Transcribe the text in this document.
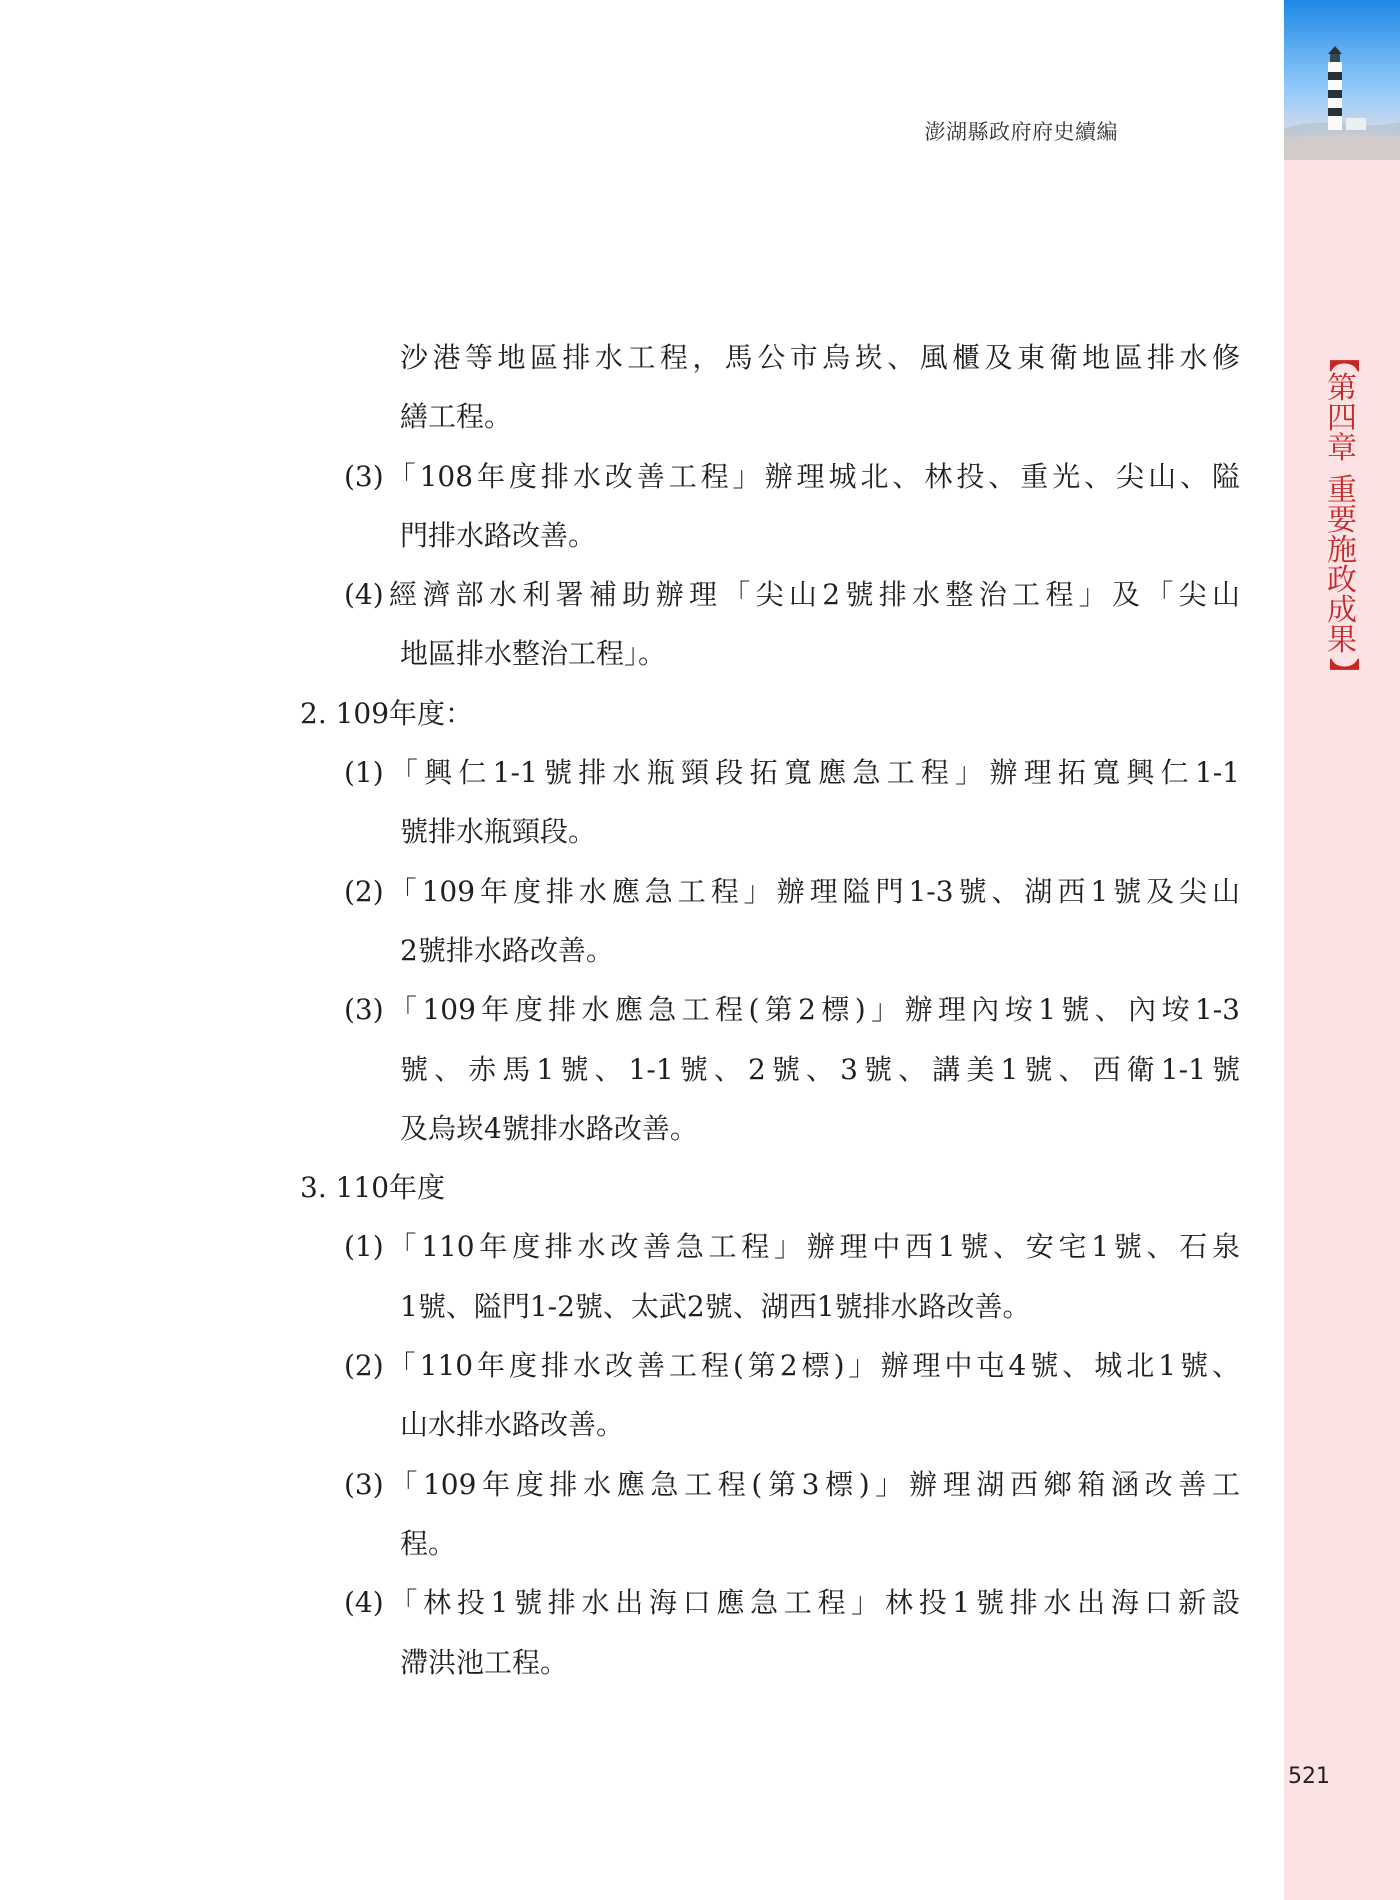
澎湖縣政府府史續編
沙港等地區排水工程，馬公市烏崁、風櫃及東衛地區排水修
繕工程。
(3)「108年度排水改善工程」辦理城北、林投、重光、尖山、隘
門排水路改善。
(4)經濟部水利署補助辦理「尖山2號排水整治工程」及「尖山
地區排水整治工程」。
2. 109年度：
(1)「興仁1-1號排水瓶頸段拓寬應急工程」辦理拓寬興仁1-1
號排水瓶頸段。
(2)「109年度排水應急工程」辦理隘門1-3號、湖西1號及尖山
2號排水路改善。
(3)「109年度排水應急工程(第2標)」辦理內垵1號、內垵1-3
號、赤馬1號、1-1號、2號、3號、講美1號、西衛1-1號
及烏崁4號排水路改善。
3. 110年度
(1)「110年度排水改善急工程」辦理中西1號、安宅1號、石泉
1號、隘門1-2號、太武2號、湖西1號排水路改善。
(2)「110年度排水改善工程(第2標)」辦理中屯4號、城北1號、
山水排水路改善。
(3)「109年度排水應急工程(第3標)」辦理湖西鄉箱涵改善工
程。
(4)「林投1號排水出海口應急工程」林投1號排水出海口新設
滯洪池工程。
【
第
四
章
重
要
施
政
成
果
】
521
